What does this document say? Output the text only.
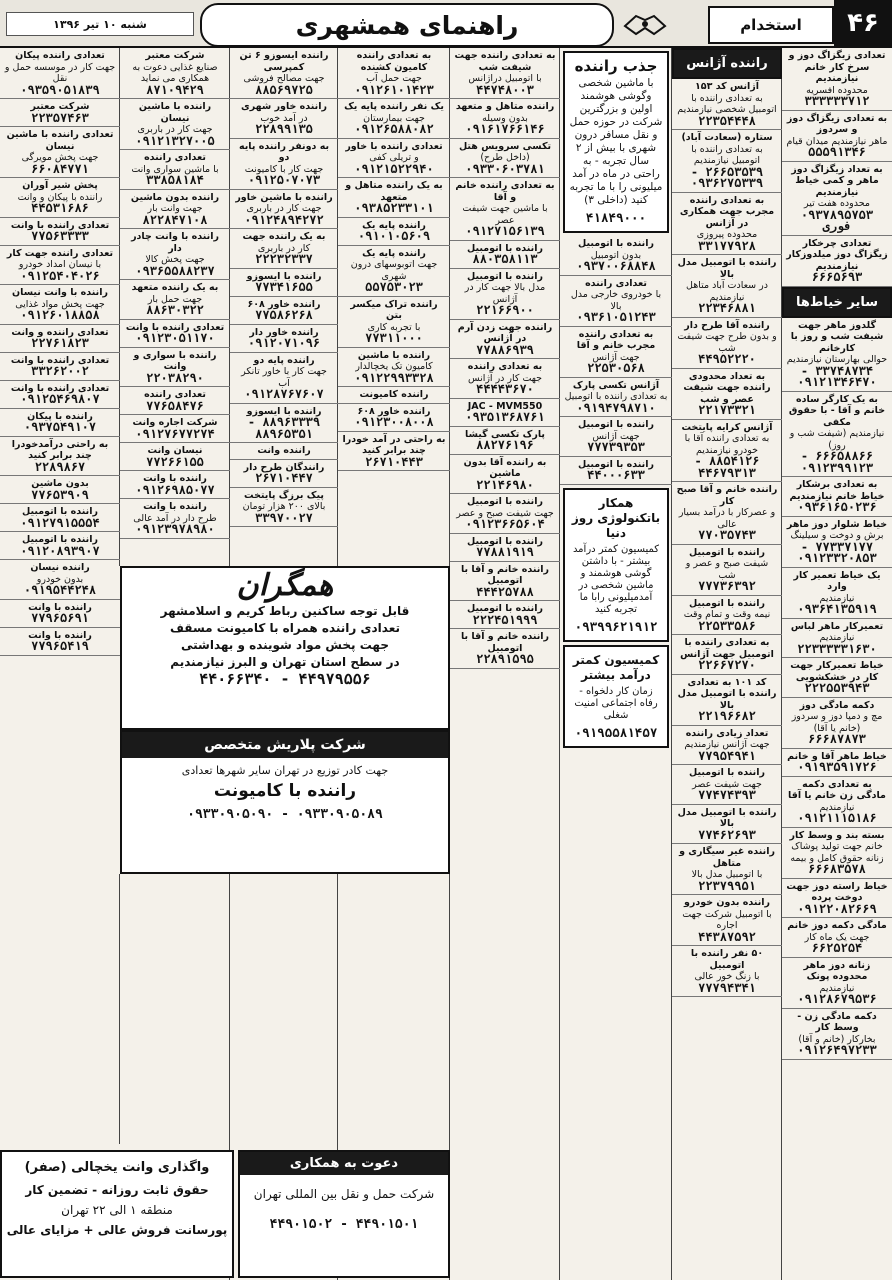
۴۶
استخدام
راهنمای همشهری
شنبه ۱۰ تیر ۱۳۹۶
تعدادی زیگزاگ دوز و سرخ کار خانم نیازمندیم
محدوده افسریه
۳۳۳۳۳۳۷۱۲
به تعدادی زیگزاگ دوز و سردوز
ماهر نیازمندیم میدان قیام
۵۵۵۹۱۳۴۶
به تعداد زیگزاگ دوز ماهر و کمی خیاط نیازمندیم
محدوده هفت تیر
۰۹۳۷۸۹۵۷۵۳ فوری
تعدادی چرخکار زیگزاگ دوز میلدوزکار نیازمندیم
۶۶۶۵۶۹۳
سایر خیاط‌ها
گلدوز ماهر جهت شیفت شب و روز با کارخانم
حوالی بهارستان نیازمندیم
۳۳۷۴۸۷۳۴ - ۰۹۱۲۱۳۴۶۴۷۰
به یک کارگر ساده خانم و آقا - با حقوق مکفی
نیازمندیم (شیفت شب و روز)
۶۶۶۵۸۸۶۶ - ۰۹۱۲۳۹۹۱۲۳
به تعدادی برشکار خیاط خانم نیازمندیم
۰۹۳۶۱۶۵۰۲۳۶
خیاط شلوار دوز ماهر
برش و دوخت و سیلینگ
۷۷۳۳۷۱۷۷ - ۰۹۱۲۳۳۲۰۸۵۳
یک خیاط تعمیر کار وارد
نیازمندیم
۰۹۳۶۴۱۳۵۹۱۹
تعمیرکار ماهر لباس
نیازمندیم
۲۲۳۳۳۳۳۱۶۳۰
خیاط تعمیرکار جهت کار در خشکشویی
۲۲۲۵۵۳۹۴۳
دکمه مادگی دوز
مچ و دمپا دوز و سردوز (خانم یا آقا)
۶۶۶۸۷۸۷۳
خیاط ماهر آقا و خانم
۰۹۱۹۳۵۹۱۷۲۶
به تعدادی دکمه مادگی زن خانم یا آقا
نیازمندیم
۰۹۱۲۱۱۱۵۱۸۶
بسته بند و وسط کار
خانم جهت تولید پوشاک زنانه حقوق کامل و بیمه
۶۶۶۸۳۵۷۸
خیاط راسته دوز جهت دوخت پرده
۰۹۱۲۲۰۸۲۶۶۹
مادگی دکمه دوز خانم
جهت یک ماه کار
۶۶۲۵۲۵۴
زنانه دوز ماهر محدوده پونک
نیازمندیم
۰۹۱۲۸۶۷۹۵۳۶
دکمه مادگی زن - وسط کار
بخارکار (خانم و آقا)
۰۹۱۲۶۴۹۷۲۳۳
راننده آژانس
آژانس کد ۱۵۳
به تعدادی راننده با اتومبیل شخصی نیازمندیم
۲۲۳۵۴۴۴۸
ستاره (سعادت آباد)
به تعدادی راننده با اتومبیل نیازمندیم
۲۶۶۵۳۵۳۹ - ۰۹۳۶۲۷۵۳۳۹
به تعدادی راننده مجرب جهت همکاری در آژانس
محدوده پیروزی
۳۳۱۷۷۹۲۸
راننده با اتومبیل مدل بالا
در سعادت آباد متاهل نیازمندیم
۲۲۳۴۶۸۸۱
راننده آقا طرح دار
و بدون طرح جهت شیفت شب
۴۴۹۵۲۲۲۰
به تعداد محدودی راننده جهت شیفت عصر و شب
۲۲۱۷۳۳۲۱
آژانس کرایه پایتخت
به تعدادی راننده آقا با خودرو نیازمندیم
۸۸۵۴۱۲۶ - ۴۴۶۷۹۳۱۳
راننده خانم و آقا صبح کار
و عصرکار با درآمد بسیار عالی
۷۷۰۳۵۷۴۳
راننده با اتومبیل
شیفت صبح و عصر و شب
۷۷۷۳۶۳۹۲
راننده با اتومبیل
نیمه وقت و تمام وقت
۲۲۵۳۳۵۸۶
به تعدادی راننده با اتومبیل جهت آژانس
۲۲۶۶۷۲۷۰
کد ۱۰۱ به تعدادی راننده با اتومبیل مدل بالا
۲۲۱۹۶۶۸۲
تعداد زیادی راننده
جهت آژانس نیازمندیم
۷۷۹۵۴۹۴۱
راننده با اتومبیل
جهت شیفت عصر
۷۷۴۷۴۳۹۳
راننده با اتومبیل مدل بالا
۷۷۴۶۲۶۹۳
راننده غیر سیگاری و متاهل
با اتومبیل مدل بالا
۲۲۳۷۹۹۵۱
راننده بدون خودرو
با اتومبیل شرکت جهت اجاره
۴۴۳۸۷۵۹۲
۵۰ نفر راننده با اتومبیل
با زنگ خور عالی
۷۷۷۹۴۳۴۱
جذب راننده
با ماشین شخصی وگوشی هوشمند اولین و بزرگترین شرکت در حوزه حمل و نقل مسافر درون شهری با بیش از ۲ سال تجربه - به راحتی در ماه در آمد میلیونی را با ما تجربه کنید (داخلی ۳)
۴۱۸۴۹۰۰۰
راننده با اتومبیل
بدون اتومبیل
۰۹۳۷۰۰۶۸۸۴۸
تعدادی راننده
با خودروی خارجی مدل بالا
۰۹۳۶۱۰۵۱۲۴۳
به تعدادی راننده مجرب خانم و آقا
جهت آژانس
۲۲۵۳۰۵۶۸
آژانس تکسی پارک
به تعدادی راننده با اتومبیل
۰۹۱۹۴۷۹۸۷۱۰
راننده با اتومبیل
جهت آژانس
۷۷۷۳۹۳۵۳
راننده با اتومبیل
۴۴۰۰۰۶۳۳
همکار باتکنولوژی روز دنیا
کمیسیون کمتر درآمد بیشتر - با داشتن گوشی هوشمند و ماشین شخصی در آمدمیلیونی رابا ما تجربه کنید
۰۹۳۹۹۶۲۱۹۱۲
کمیسیون کمتر درآمد بیشتر
زمان کار دلخواه - رفاه اجتماعی امنیت شغلی
۰۹۱۹۵۵۸۱۴۵۷
به تعدادی راننده جهت شیفت شب
با اتومبیل دراژانس
۴۴۷۴۸۰۰۳
راننده متاهل و متعهد
بدون وسیله
۰۹۱۶۱۷۶۶۱۴۶
تکسی سرویس هتل
(داخل طرح)
۰۹۳۳۰۶۰۳۷۸۱
به تعدادی راننده خانم و آقا
با ماشین جهت شیفت عصر
۰۹۱۲۷۱۵۶۱۳۹
راننده با اتومبیل
۸۸۰۳۵۸۱۱۳
راننده با اتومبیل
مدل بالا جهت کار در آژانس
۲۲۱۶۶۹۰۰
راننده جهت زدن آرم در آژانس
۷۷۸۸۶۹۳۹
به تعدادی راننده
جهت کار در آژانس
۴۴۴۴۳۶۷۰
JAC - MVM550
۰۹۳۵۱۳۶۸۷۶۱
پارک تکسی گیشا
۸۸۲۷۶۱۹۶
به راننده آقا بدون ماشین
۲۲۱۴۶۹۸۰
راننده با اتومبیل
جهت شیفت صبح و عصر
۰۹۱۲۳۶۶۵۶۰۴
راننده با اتومبیل
۷۷۸۸۱۹۱۹
راننده خانم و آقا با اتومبیل
۴۴۴۲۵۷۸۸
راننده با اتومبیل
۲۲۲۴۵۱۹۹۹
راننده خانم و آقا با اتومبیل
۲۲۸۹۱۵۹۵
به تعدادی راننده کامیون کشنده
جهت حمل آب
۰۹۱۲۶۱۰۱۴۲۳
یک نفر راننده پایه یک
جهت بیمارستان
۰۹۱۲۶۵۸۸۰۸۲
تعدادی راننده با خاور
و تریلی کفی
۰۹۱۲۱۵۲۲۹۴۰
به یک راننده متاهل و متعهد
۰۹۳۸۵۲۳۳۱۰۱
راننده پایه یک
۰۹۱۰۱۰۵۶۰۹
راننده پایه یک
جهت اتوبوسهای درون شهری
۵۵۷۵۳۰۲۳
راننده تراک میکسر بتن
با تجربه کاری
۷۷۳۱۱۰۰۰
راننده با ماشین
کامیون تک یخچالدار
۰۹۱۲۲۹۹۳۳۲۸
راننده کامیونت
راننده خاور ۶۰۸
۰۹۱۲۳۰۰۸۰۰۸
به راحتی در آمد خودرا چند برابر کنید
۲۶۷۱۰۴۴۳
راننده ایسوزو ۶ تن کمپرسی
جهت مصالح فروشی
۸۸۵۶۹۷۲۵
راننده خاور شهری
در آمد خوب
۲۲۸۹۹۱۳۵
به دونفر راننده پایه دو
جهت کار با کامیونت
۰۹۱۲۵۰۷۰۷۳
راننده با ماشین خاور
جهت کار در باربری
۰۹۱۲۴۸۹۴۲۷۲
به یک راننده جهت
کار در باربری
۲۲۲۳۲۳۳۷
راننده با ایسوزو
۷۷۳۴۱۶۵۵
راننده خاور ۶۰۸
۷۷۵۸۶۲۶۸
راننده خاور دار
۰۹۱۲۰۷۱۰۹۶
راننده پایه دو
جهت کار با خاور تانکر آب
۰۹۱۲۸۷۶۷۶۰۷
راننده با ایسوزو
۸۸۹۶۳۳۳۹ - ۸۸۹۶۵۳۵۱
راننده وانت
رانندگان طرح دار
۲۶۷۱۰۴۴۷
پیک برزگ پایتخت
بالای ۲۰۰ هزار تومان
۳۳۹۷۰۰۲۷
شرکت معتبر
صنایع غذایی دعوت به همکاری می نماید
۸۷۱۰۹۴۲۹
راننده با ماشین نیسان
جهت کار در باربری
۰۹۱۲۱۳۲۷۰۰۵
تعدادی راننده
با ماشین سواری وانت
۳۳۸۵۸۱۸۴
راننده بدون ماشین
جهت وانت بار
۸۲۲۸۴۷۱۰۸
راننده با وانت چادر دار
جهت پخش کالا
۰۹۳۶۵۵۸۸۲۳۷
به یک راننده متعهد
جهت حمل بار
۸۸۶۳۰۳۲۲
تعدادی راننده با وانت
۰۹۱۲۳۰۵۱۱۷۰
راننده با سواری و وانت
۲۲۰۳۸۲۹۰
تعدادی راننده
۷۷۶۵۸۴۷۶
شرکت اجاره وانت
۰۹۱۲۷۶۷۷۲۷۴
نیسان وانت
۷۷۲۶۶۱۵۵
راننده با وانت
۰۹۱۲۶۹۸۵۰۷۷
راننده با وانت
طرح دار در آمد عالی
۰۹۱۲۳۹۷۸۹۸۰
تعدادی راننده پیکان
جهت کار در موسسه حمل و نقل
۰۹۳۵۹۰۵۱۸۳۹
شرکت معتبر
۲۲۳۵۷۴۶۳
تعدادی راننده با ماشین نیسان
جهت پخش مویرگی
۶۶۰۸۴۷۷۱
پخش شیر آوران
راننده با پیکان و وانت
۴۴۵۳۱۶۸۶
تعدادی راننده با وانت
۷۷۵۶۳۳۳۳
تعدادی راننده جهت کار
با نیسان امداد خودرو
۰۹۱۲۵۴۰۴۰۲۶
راننده با وانت نیسان
جهت پخش مواد غذایی
۰۹۱۲۶۰۱۸۸۵۸
تعدادی راننده و وانت
۲۲۷۶۱۸۲۳
تعدادی راننده با وانت
۳۳۲۶۲۰۰۲
تعدادی راننده با وانت
۰۹۱۲۵۴۶۹۸۰۷
راننده با پیکان
۰۹۳۷۵۴۹۱۰۷
به راحتی درآمدخودرا چند برابر کنید
۲۲۸۹۸۶۷
بدون ماشین
۷۷۶۵۳۹۰۹
راننده با اتومبیل
۰۹۱۲۷۹۱۵۵۵۴
راننده با اتومبیل
۰۹۱۲۰۸۹۳۹۰۷
راننده نیسان
بدون خودرو
۰۹۱۹۵۴۴۲۴۸
راننده با وانت
۷۷۹۶۵۶۹۱
راننده با وانت
۷۷۹۶۵۴۱۹
همگران
قابل توجه ساکنین رباط کریم و اسلامشهر
تعدادی راننده همراه با کامیونت مسقف
جهت پخش مواد شوینده و بهداشتی
در سطح استان تهران و البرز نیازمندیم
۴۴۹۷۹۵۵۶ - ۴۴۰۶۶۳۴۰
شرکت پلاریش متخصص
جهت کادر توزیع در تهران سایر شهرها تعدادی
راننده با کامیونت
۰۹۳۳۰۹۰۵۰۸۹ - ۰۹۳۳۰۹۰۵۰۹۰
واگذاری وانت یخچالی (صفر)
حقوق ثابت روزانه - تضمین کار
منطقه ۱ الی ۲۲ تهران
پورسانت فروش عالی + مزایای عالی
دعوت به همکاری
شرکت حمل و نقل بین المللی تهران
۴۴۹۰۱۵۰۱ - ۴۴۹۰۱۵۰۲
